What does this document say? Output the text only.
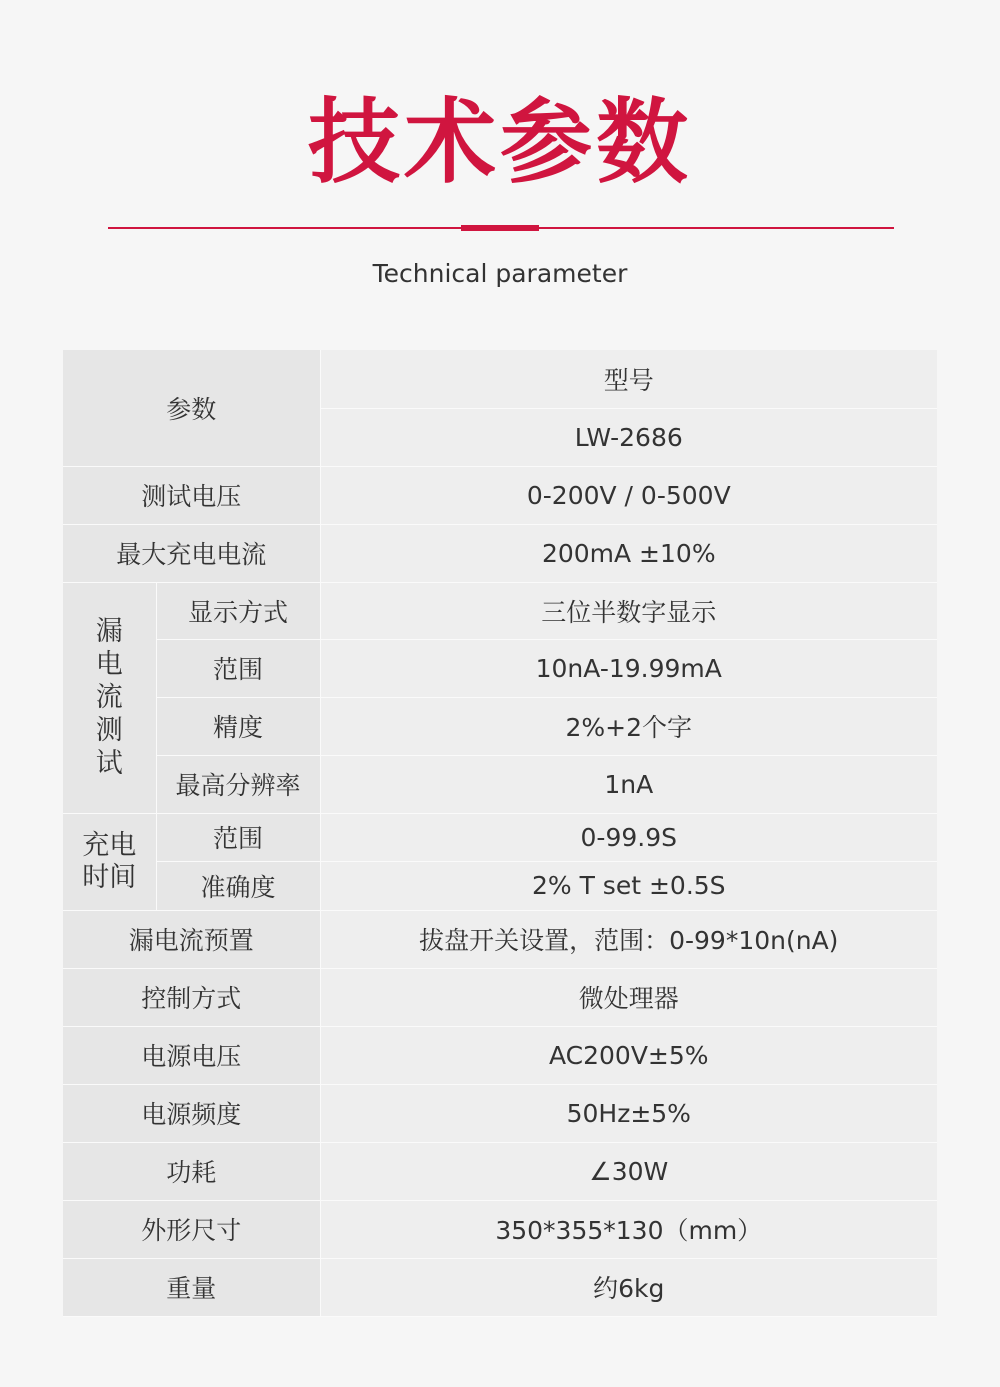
技术参数
Technical parameter
参数		型号
		LW-2686
测试电压		0-200V / 0-500V
最大充电电流		200mA ±10%
漏电流测试	显示方式	三位半数字显示
	范围	10nA-19.99mA
	精度	2%+2个字
	最高分辨率	1nA
充电时间	范围	0-99.9S
	准确度	2% T set ±0.5S
漏电流预置		拔盘开关设置，范围：0-99*10n(nA)
控制方式		微处理器
电源电压		AC200V±5%
电源频度		50Hz±5%
功耗		∠30W
外形尺寸		350*355*130（mm）
重量		约6kg
